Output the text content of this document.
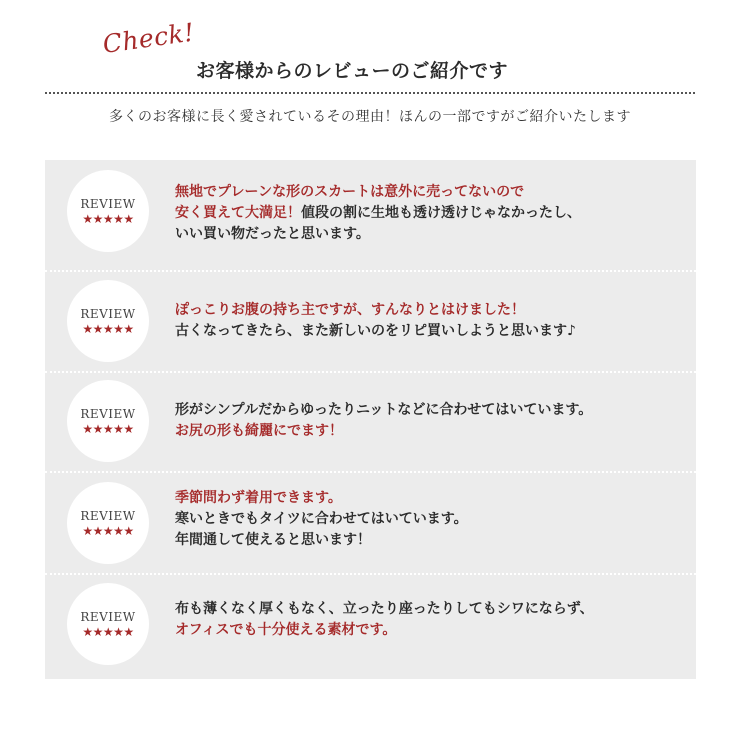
Check!
お客様からのレビューのご紹介です
多くのお客様に長く愛されているその理由！ほんの一部ですがご紹介いたします
REVIEW
★★★★★
無地でプレーンな形のスカートは意外に売ってないので
安く買えて大満足！値段の割に生地も透け透けじゃなかったし、
いい買い物だったと思います。
REVIEW
★★★★★
ぽっこりお腹の持ち主ですが、すんなりとはけました！
古くなってきたら、また新しいのをリピ買いしようと思います♪
REVIEW
★★★★★
形がシンプルだからゆったりニットなどに合わせてはいています。
お尻の形も綺麗にでます！
REVIEW
★★★★★
季節問わず着用できます。
寒いときでもタイツに合わせてはいています。
年間通して使えると思います！
REVIEW
★★★★★
布も薄くなく厚くもなく、立ったり座ったりしてもシワにならず、
オフィスでも十分使える素材です。
